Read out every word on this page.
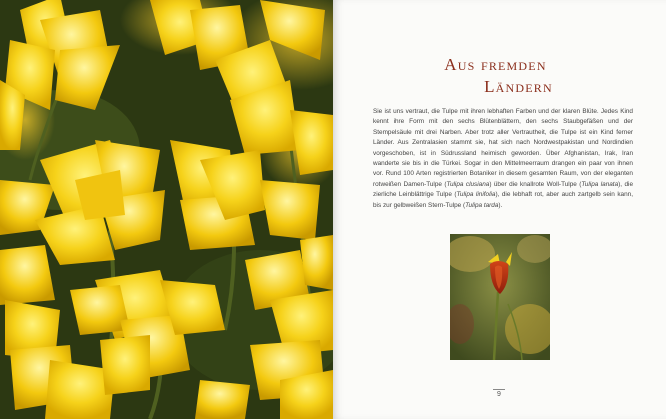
Aus fremden
Ländern

Sie ist uns vertraut, die Tulpe mit ihren lebhaften Farben und der klaren Blüte. Jedes Kind kennt ihre Form mit den sechs Blütenblättern, den sechs Staubgefäßen und der Stempelsäule mit drei Narben. Aber trotz aller Vertrautheit, die Tulpe ist ein Kind ferner Länder. Aus Zentralasien stammt sie, hat sich nach Nordwestpakistan und Nordindien vorgeschoben, ist in Südrussland heimisch geworden. Über Afghanistan, Irak, Iran wanderte sie bis in die Türkei. Sogar in den Mittelmeerraum drangen ein paar von ihnen vor. Rund 100 Arten registrierten Botaniker in diesem gesamten Raum, von der eleganten rotweißen Damen-Tulpe (Tulipa clusiana) über die knallrote Woll-Tulpe (Tulipa lanata), die zierliche Leinblättrige Tulpe (Tulipa linifolia), die lebhaft rot, aber auch zartgelb sein kann, bis zur gelbweißen Stern-Tulpe (Tulipa tarda).

9
